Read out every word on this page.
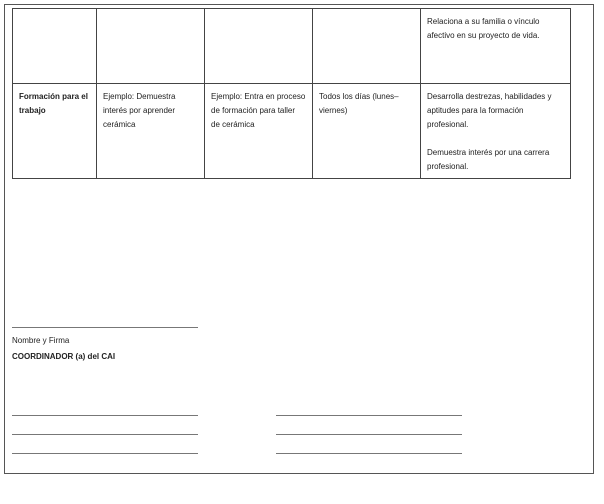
				Relaciona a su familia o vínculo afectivo en su proyecto de vida.
Formación para el trabajo	Ejemplo: Demuestra interés por aprender cerámica	Ejemplo: Entra en proceso de formación para taller de cerámica	Todos los días (lunes–viernes)	Desarrolla destrezas, habilidades y aptitudes para la formación profesional.
Demuestra interés por una carrera profesional.
Nombre y Firma
COORDINADOR (a) del CAI
